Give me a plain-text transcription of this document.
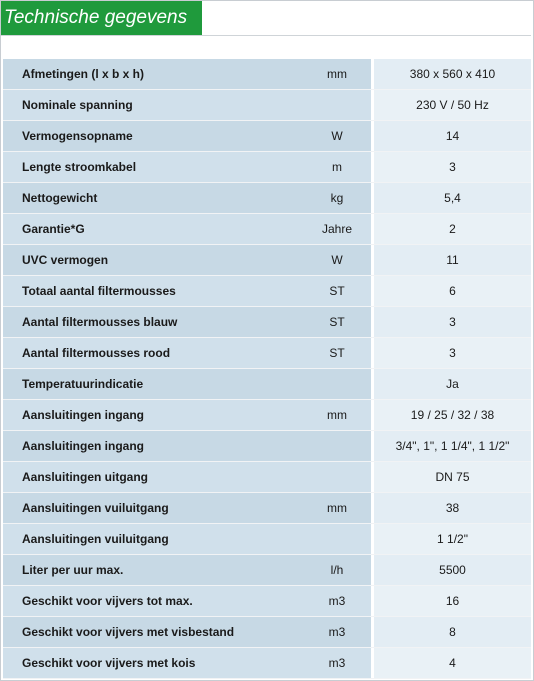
Technische gegevens
Afmetingen (l x b x h)	mm		380 x 560 x 410
Nominale spanning			230 V / 50 Hz
Vermogensopname	W		14
Lengte stroomkabel	m		3
Nettogewicht	kg		5,4
Garantie*G	Jahre		2
UVC vermogen	W		11
Totaal aantal filtermousses	ST		6
Aantal filtermousses blauw	ST		3
Aantal filtermousses rood	ST		3
Temperatuurindicatie			Ja
Aansluitingen ingang	mm		19 / 25 / 32 / 38
Aansluitingen ingang			3/4", 1", 1 1/4", 1 1/2"
Aansluitingen uitgang			DN 75
Aansluitingen vuiluitgang	mm		38
Aansluitingen vuiluitgang			1 1/2"
Liter per uur max.	l/h		5500
Geschikt voor vijvers tot max.	m3		16
Geschikt voor vijvers met visbestand	m3		8
Geschikt voor vijvers met kois	m3		4
